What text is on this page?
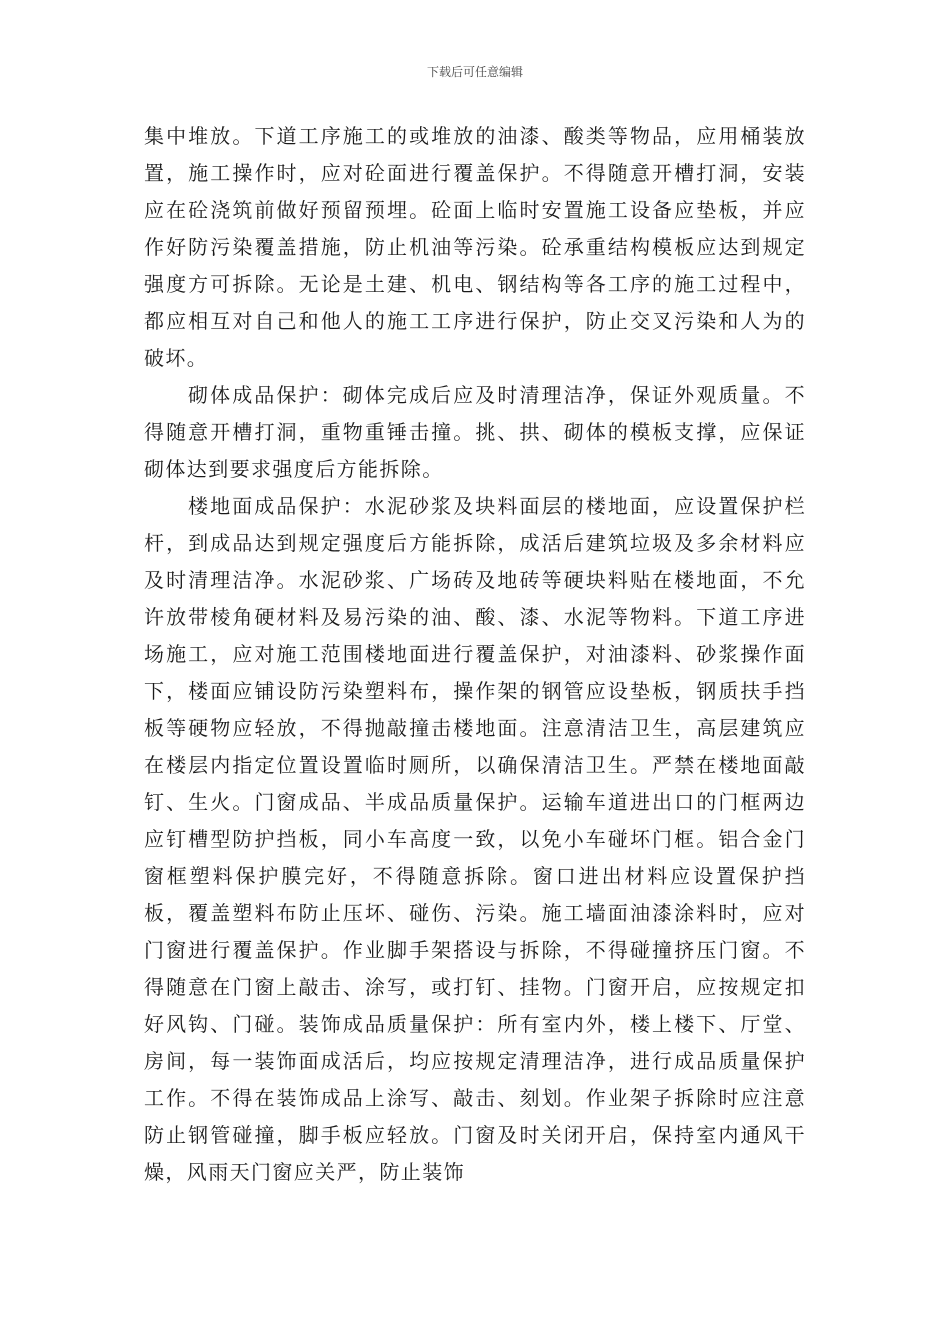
下载后可任意编辑

集中堆放。下道工序施工的或堆放的油漆、酸类等物品，应用桶装放置，施工操作时，应对砼面进行覆盖保护。不得随意开槽打洞，安装应在砼浇筑前做好预留预埋。砼面上临时安置施工设备应垫板，并应作好防污染覆盖措施，防止机油等污染。砼承重结构模板应达到规定强度方可拆除。无论是土建、机电、钢结构等各工序的施工过程中，都应相互对自己和他人的施工工序进行保护，防止交叉污染和人为的破坏。

砌体成品保护：砌体完成后应及时清理洁净，保证外观质量。不得随意开槽打洞，重物重锤击撞。挑、拱、砌体的模板支撑，应保证砌体达到要求强度后方能拆除。

楼地面成品保护：水泥砂浆及块料面层的楼地面，应设置保护栏杆，到成品达到规定强度后方能拆除，成活后建筑垃圾及多余材料应及时清理洁净。水泥砂浆、广场砖及地砖等硬块料贴在楼地面，不允许放带棱角硬材料及易污染的油、酸、漆、水泥等物料。下道工序进场施工，应对施工范围楼地面进行覆盖保护，对油漆料、砂浆操作面下，楼面应铺设防污染塑料布，操作架的钢管应设垫板，钢质扶手挡板等硬物应轻放，不得抛敲撞击楼地面。注意清洁卫生，高层建筑应在楼层内指定位置设置临时厕所，以确保清洁卫生。严禁在楼地面敲钉、生火。门窗成品、半成品质量保护。运输车道进出口的门框两边应钉槽型防护挡板，同小车高度一致，以免小车碰坏门框。铝合金门窗框塑料保护膜完好，不得随意拆除。窗口进出材料应设置保护挡板，覆盖塑料布防止压坏、碰伤、污染。施工墙面油漆涂料时，应对门窗进行覆盖保护。作业脚手架搭设与拆除，不得碰撞挤压门窗。不得随意在门窗上敲击、涂写，或打钉、挂物。门窗开启，应按规定扣好风钩、门碰。装饰成品质量保护：所有室内外，楼上楼下、厅堂、房间，每一装饰面成活后，均应按规定清理洁净，进行成品质量保护工作。不得在装饰成品上涂写、敲击、刻划。作业架子拆除时应注意防止钢管碰撞，脚手板应轻放。门窗及时关闭开启，保持室内通风干燥，风雨天门窗应关严，防止装饰
